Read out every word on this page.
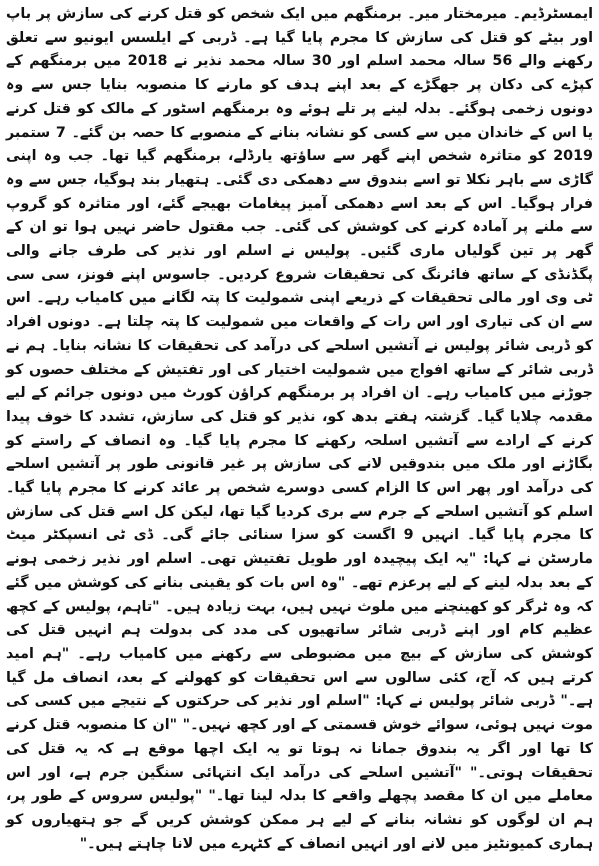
ایمسٹرڈیم۔ میرمختار میر۔ برمنگھم میں ایک شخص کو قتل کرنے کی سازش پر باپ اور بیٹے کو قتل کی سازش کا مجرم پایا گیا ہے۔ ڈربی کے ایلسس ایونیو سے تعلق رکھنے والے 56 سالہ محمد اسلم اور 30 سالہ محمد نذیر نے 2018 میں برمنگھم کے کپڑے کی دکان پر جھگڑے کے بعد اپنے ہدف کو مارنے کا منصوبہ بنایا جس سے وہ دونوں زخمی ہوگئے۔ بدلہ لینے پر تلے ہوئے وہ برمنگھم اسٹور کے مالک کو قتل کرنے یا اس کے خاندان میں سے کسی کو نشانہ بنانے کے منصوبے کا حصہ بن گئے۔ 7 ستمبر 2019 کو متاثرہ شخص اپنے گھر سے ساؤتھ یارڈلے، برمنگھم گیا تھا۔ جب وہ اپنی گاڑی سے باہر نکلا تو اسے بندوق سے دھمکی دی گئی۔ ہتھیار بند ہوگیا، جس سے وہ فرار ہوگیا۔ اس کے بعد اسے دھمکی آمیز پیغامات بھیجے گئے، اور متاثرہ کو گروپ سے ملنے پر آمادہ کرنے کی کوشش کی گئی۔ جب مقتول حاضر نہیں ہوا تو ان کے گھر پر تین گولیاں ماری گئیں۔ پولیس نے اسلم اور نذیر کی طرف جانے والی پگڈنڈی کے ساتھ فائرنگ کی تحقیقات شروع کردیں۔ جاسوس اپنے فونز، سی سی ٹی وی اور مالی تحقیقات کے ذریعے اپنی شمولیت کا پتہ لگانے میں کامیاب رہے۔ اس سے ان کی تیاری اور اس رات کے واقعات میں شمولیت کا پتہ چلتا ہے۔ دونوں افراد کو ڈربی شائر پولیس نے آتشیں اسلحے کی درآمد کی تحقیقات کا نشانہ بنایا۔ ہم نے ڈربی شائر کے ساتھ افواج میں شمولیت اختیار کی اور تفتیش کے مختلف حصوں کو جوڑنے میں کامیاب رہے۔ ان افراد پر برمنگھم کراؤن کورٹ میں دونوں جرائم کے لیے مقدمہ چلایا گیا۔ گزشتہ ہفتے بدھ کو، نذیر کو قتل کی سازش، تشدد کا خوف پیدا کرنے کے ارادے سے آتشیں اسلحہ رکھنے کا مجرم پایا گیا۔ وہ انصاف کے راستے کو بگاڑنے اور ملک میں بندوقیں لانے کی سازش پر غیر قانونی طور پر آتشیں اسلحے کی درآمد اور پھر اس کا الزام کسی دوسرے شخص پر عائد کرنے کا مجرم پایا گیا۔ اسلم کو آتشیں اسلحے کے جرم سے بری کردیا گیا تھا، لیکن کل اسے قتل کی سازش کا مجرم پایا گیا۔ انہیں 9 اگست کو سزا سنائی جائے گی۔ ڈی ٹی انسپکٹر میٹ مارسٹن نے کہا: "یہ ایک پیچیدہ اور طویل تفتیش تھی۔ اسلم اور نذیر زخمی ہونے کے بعد بدلہ لینے کے لیے پرعزم تھے۔ "وہ اس بات کو یقینی بنانے کی کوشش میں گئے کہ وہ ٹرگر کو کھینچنے میں ملوث نہیں ہیں، بہت زیادہ ہیں۔ "تاہم، پولیس کے کچھ عظیم کام اور اپنے ڈربی شائر ساتھیوں کی مدد کی بدولت ہم انہیں قتل کی کوشش کی سازش کے بیچ میں مضبوطی سے رکھنے میں کامیاب رہے۔ "ہم امید کرتے ہیں کہ آج، کئی سالوں سے اس تحقیقات کو کھولنے کے بعد، انصاف مل گیا ہے۔" ڈربی شائر پولیس نے کہا: "اسلم اور نذیر کی حرکتوں کے نتیجے میں کسی کی موت نہیں ہوئی، سوائے خوش قسمتی کے اور کچھ نہیں۔" "ان کا منصوبہ قتل کرنے کا تھا اور اگر یہ بندوق جمانا نہ ہوتا تو یہ ایک اچھا موقع ہے کہ یہ قتل کی تحقیقات ہوتی۔" "آتشیں اسلحے کی درآمد ایک انتہائی سنگین جرم ہے، اور اس معاملے میں ان کا مقصد پچھلے واقعے کا بدلہ لینا تھا۔" "پولیس سروس کے طور پر، ہم ان لوگوں کو نشانہ بنانے کے لیے ہر ممکن کوشش کریں گے جو ہتھیاروں کو ہماری کمیونٹیز میں لانے اور انہیں انصاف کے کٹہرے میں لانا چاہتے ہیں۔"
